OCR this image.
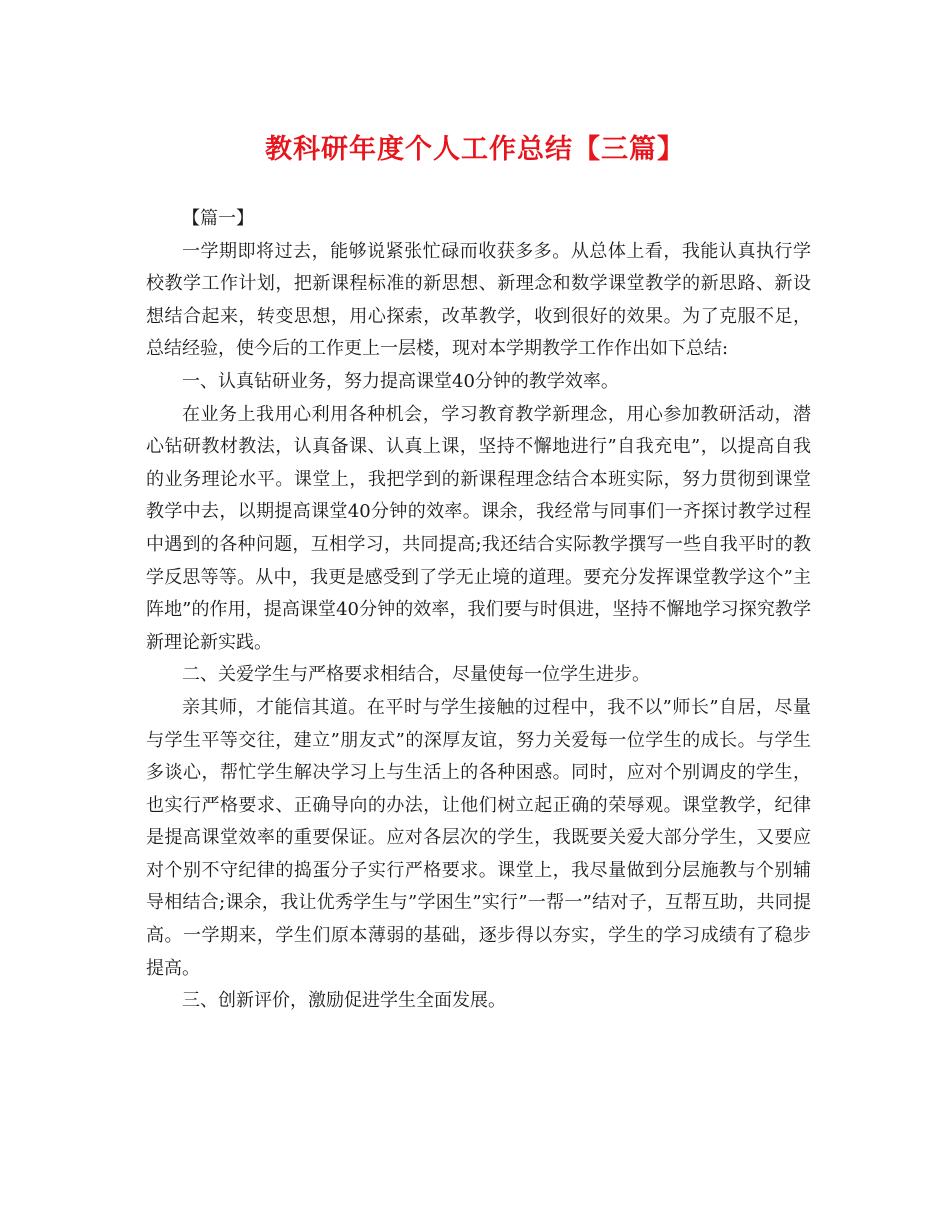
教科研年度个人工作总结【三篇】

【篇一】

一学期即将过去，能够说紧张忙碌而收获多多。从总体上看，我能认真执行学校教学工作计划，把新课程标准的新思想、新理念和数学课堂教学的新思路、新设想结合起来，转变思想，用心探索，改革教学，收到很好的效果。为了克服不足，总结经验，使今后的工作更上一层楼，现对本学期教学工作作出如下总结:

一、认真钻研业务，努力提高课堂40分钟的教学效率。

在业务上我用心利用各种机会，学习教育教学新理念，用心参加教研活动，潜心钻研教材教法，认真备课、认真上课，坚持不懈地进行”自我充电”，以提高自我的业务理论水平。课堂上，我把学到的新课程理念结合本班实际，努力贯彻到课堂教学中去，以期提高课堂40分钟的效率。课余，我经常与同事们一齐探讨教学过程中遇到的各种问题，互相学习，共同提高;我还结合实际教学撰写一些自我平时的教学反思等等。从中，我更是感受到了学无止境的道理。要充分发挥课堂教学这个”主阵地”的作用，提高课堂40分钟的效率，我们要与时俱进，坚持不懈地学习探究教学新理论新实践。

二、关爱学生与严格要求相结合，尽量使每一位学生进步。

亲其师，才能信其道。在平时与学生接触的过程中，我不以”师长”自居，尽量与学生平等交往，建立”朋友式”的深厚友谊，努力关爱每一位学生的成长。与学生多谈心，帮忙学生解决学习上与生活上的各种困惑。同时，应对个别调皮的学生，也实行严格要求、正确导向的办法，让他们树立起正确的荣辱观。课堂教学，纪律是提高课堂效率的重要保证。应对各层次的学生，我既要关爱大部分学生，又要应对个别不守纪律的捣蛋分子实行严格要求。课堂上，我尽量做到分层施教与个别辅导相结合;课余，我让优秀学生与”学困生”实行”一帮一”结对子，互帮互助，共同提高。一学期来，学生们原本薄弱的基础，逐步得以夯实，学生的学习成绩有了稳步提高。

三、创新评价，激励促进学生全面发展。
